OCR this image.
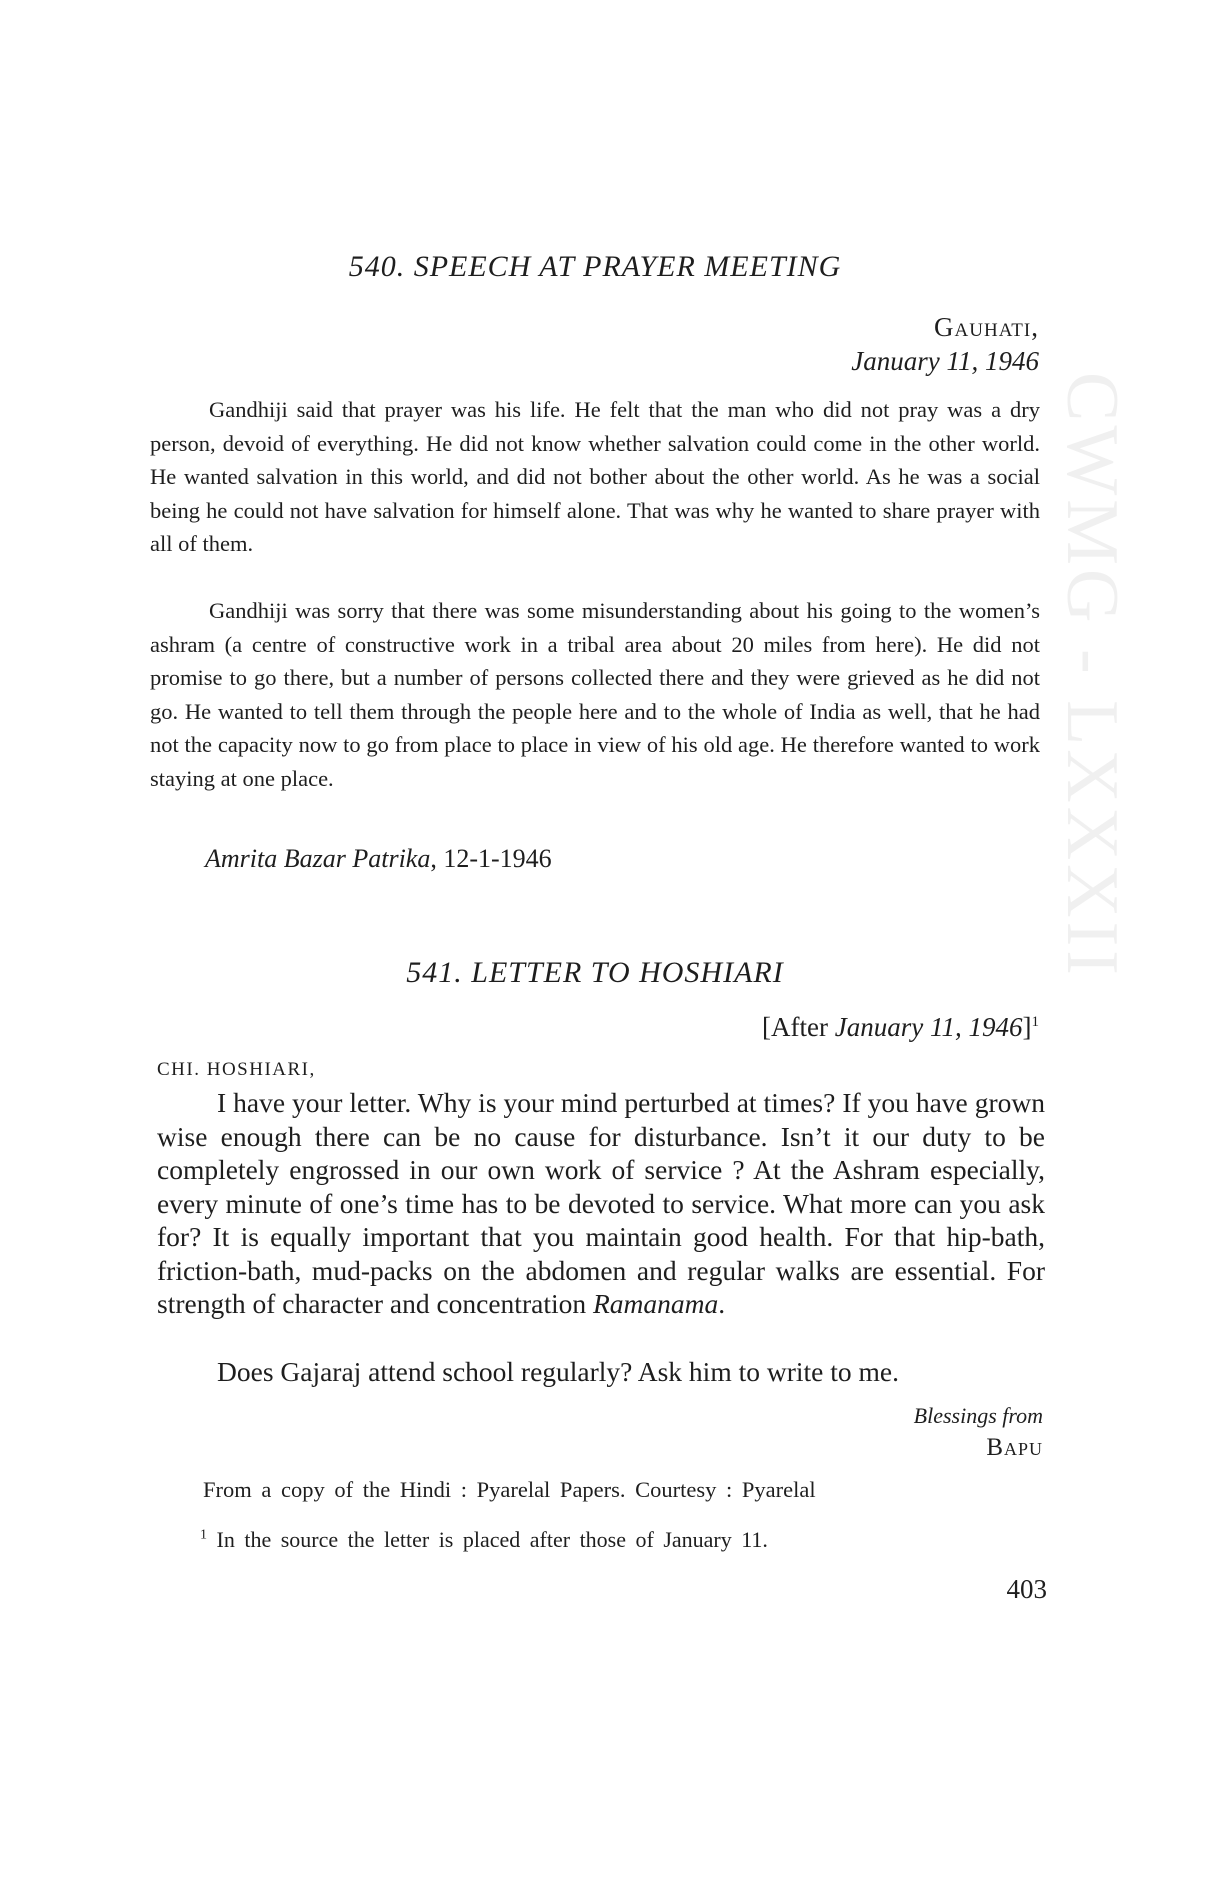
CWMG - LXXXII
540. SPEECH AT PRAYER MEETING
Gauhati,
January 11, 1946

Gandhiji said that prayer was his life. He felt that the man who did not pray was a dry person, devoid of everything. He did not know whether salvation could come in the other world. He wanted salvation in this world, and did not bother about the other world. As he was a social being he could not have salvation for himself alone. That was why he wanted to share prayer with all of them.

Gandhiji was sorry that there was some misunderstanding about his going to the women’s ashram (a centre of constructive work in a tribal area about 20 miles from here). He did not promise to go there, but a number of persons collected there and they were grieved as he did not go. He wanted to tell them through the people here and to the whole of India as well, that he had not the capacity now to go from place to place in view of his old age. He therefore wanted to work staying at one place.

Amrita Bazar Patrika, 12-1-1946
541. LETTER TO HOSHIARI
[After January 11, 1946]$^1$
CHI. HOSHIARI,

I have your letter. Why is your mind perturbed at times? If you have grown wise enough there can be no cause for disturbance. Isn’t it our duty to be completely engrossed in our own work of service ? At the Ashram especially, every minute of one’s time has to be devoted to service. What more can you ask for? It is equally important that you maintain good health. For that hip-bath, friction-bath, mud-packs on the abdomen and regular walks are essential. For strength of character and concentration Ramanama.

Does Gajaraj attend school regularly? Ask him to write to me.

Blessings from
Bapu
From a copy of the Hindi : Pyarelal Papers. Courtesy : Pyarelal
$^1$ In the source the letter is placed after those of January 11.
403
